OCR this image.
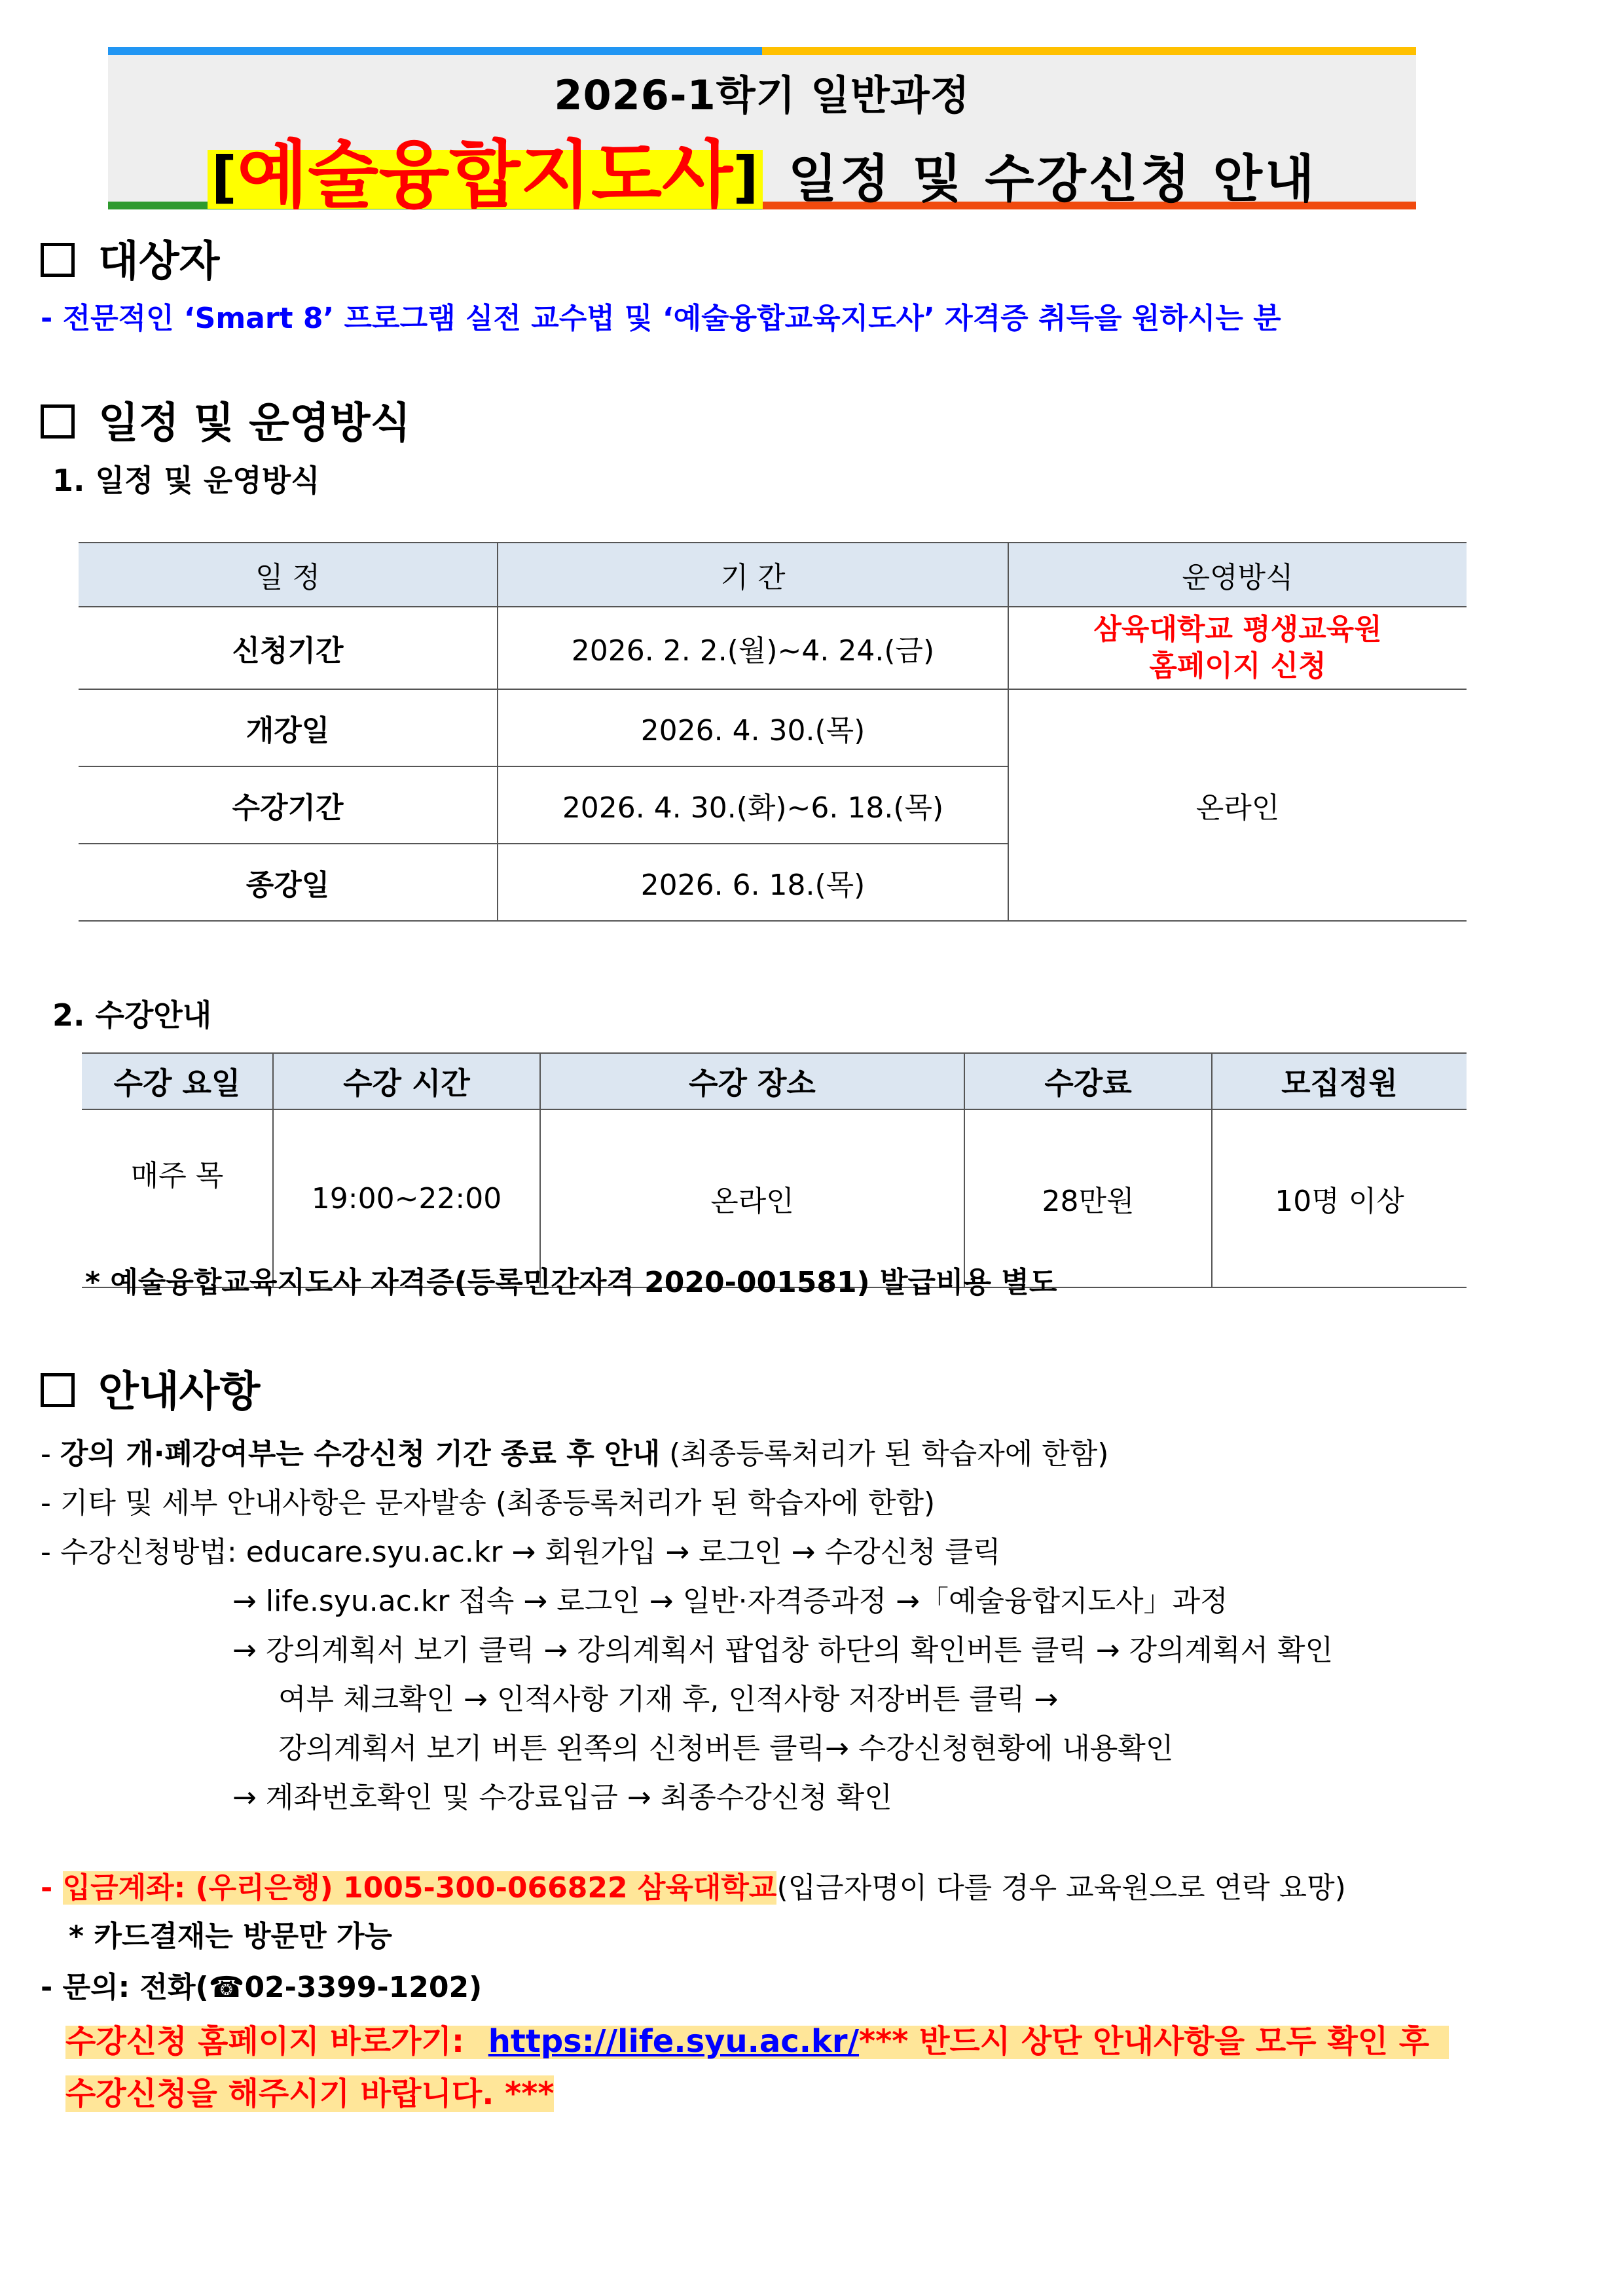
2026-1학기 일반과정
[예술융합지도사] 일정 및 수강신청 안내
대상자
- 전문적인 ‘Smart 8’ 프로그램 실전 교수법 및 ‘예술융합교육지도사’ 자격증 취득을 원하시는 분
일정 및 운영방식
1. 일정 및 운영방식
일 정	기 간	운영방식
신청기간	2026. 2. 2.(월)~4. 24.(금)	삼육대학교 평생교육원
홈페이지 신청

개강일	2026. 4. 30.(목)	온라인
수강기간	2026. 4. 30.(화)~6. 18.(목)	
종강일	2026. 6. 18.(목)	
2. 수강안내
수강 요일	수강 시간	수강 장소	수강료	모집정원
매주 목	19:00~22:00	온라인	28만원	10명 이상
* 예술융합교육지도사 자격증(등록민간자격 2020-001581) 발급비용 별도
안내사항
- 강의 개·폐강여부는 수강신청 기간 종료 후 안내 (최종등록처리가 된 학습자에 한함)
- 기타 및 세부 안내사항은 문자발송 (최종등록처리가 된 학습자에 한함)
- 수강신청방법: educare.syu.ac.kr → 회원가입 → 로그인 → 수강신청 클릭
→ life.syu.ac.kr 접속 → 로그인 → 일반·자격증과정 →「예술융합지도사」과정
→ 강의계획서 보기 클릭 → 강의계획서 팝업창 하단의 확인버튼 클릭 → 강의계획서 확인
여부 체크확인 → 인적사항 기재 후, 인적사항 저장버튼 클릭 →
강의계획서 보기 버튼 왼쪽의 신청버튼 클릭→ 수강신청현황에 내용확인
→ 계좌번호확인 및 수강료입금 → 최종수강신청 확인
- 입금계좌: (우리은행) 1005-300-066822 삼육대학교(입금자명이 다를 경우 교육원으로 연락 요망)
* 카드결재는 방문만 가능
- 문의: 전화(☎02-3399-1202)
수강신청 홈페이지 바로가기: https://life.syu.ac.kr/*** 반드시 상단 안내사항을 모두 확인 후
수강신청을 해주시기 바랍니다. ***
